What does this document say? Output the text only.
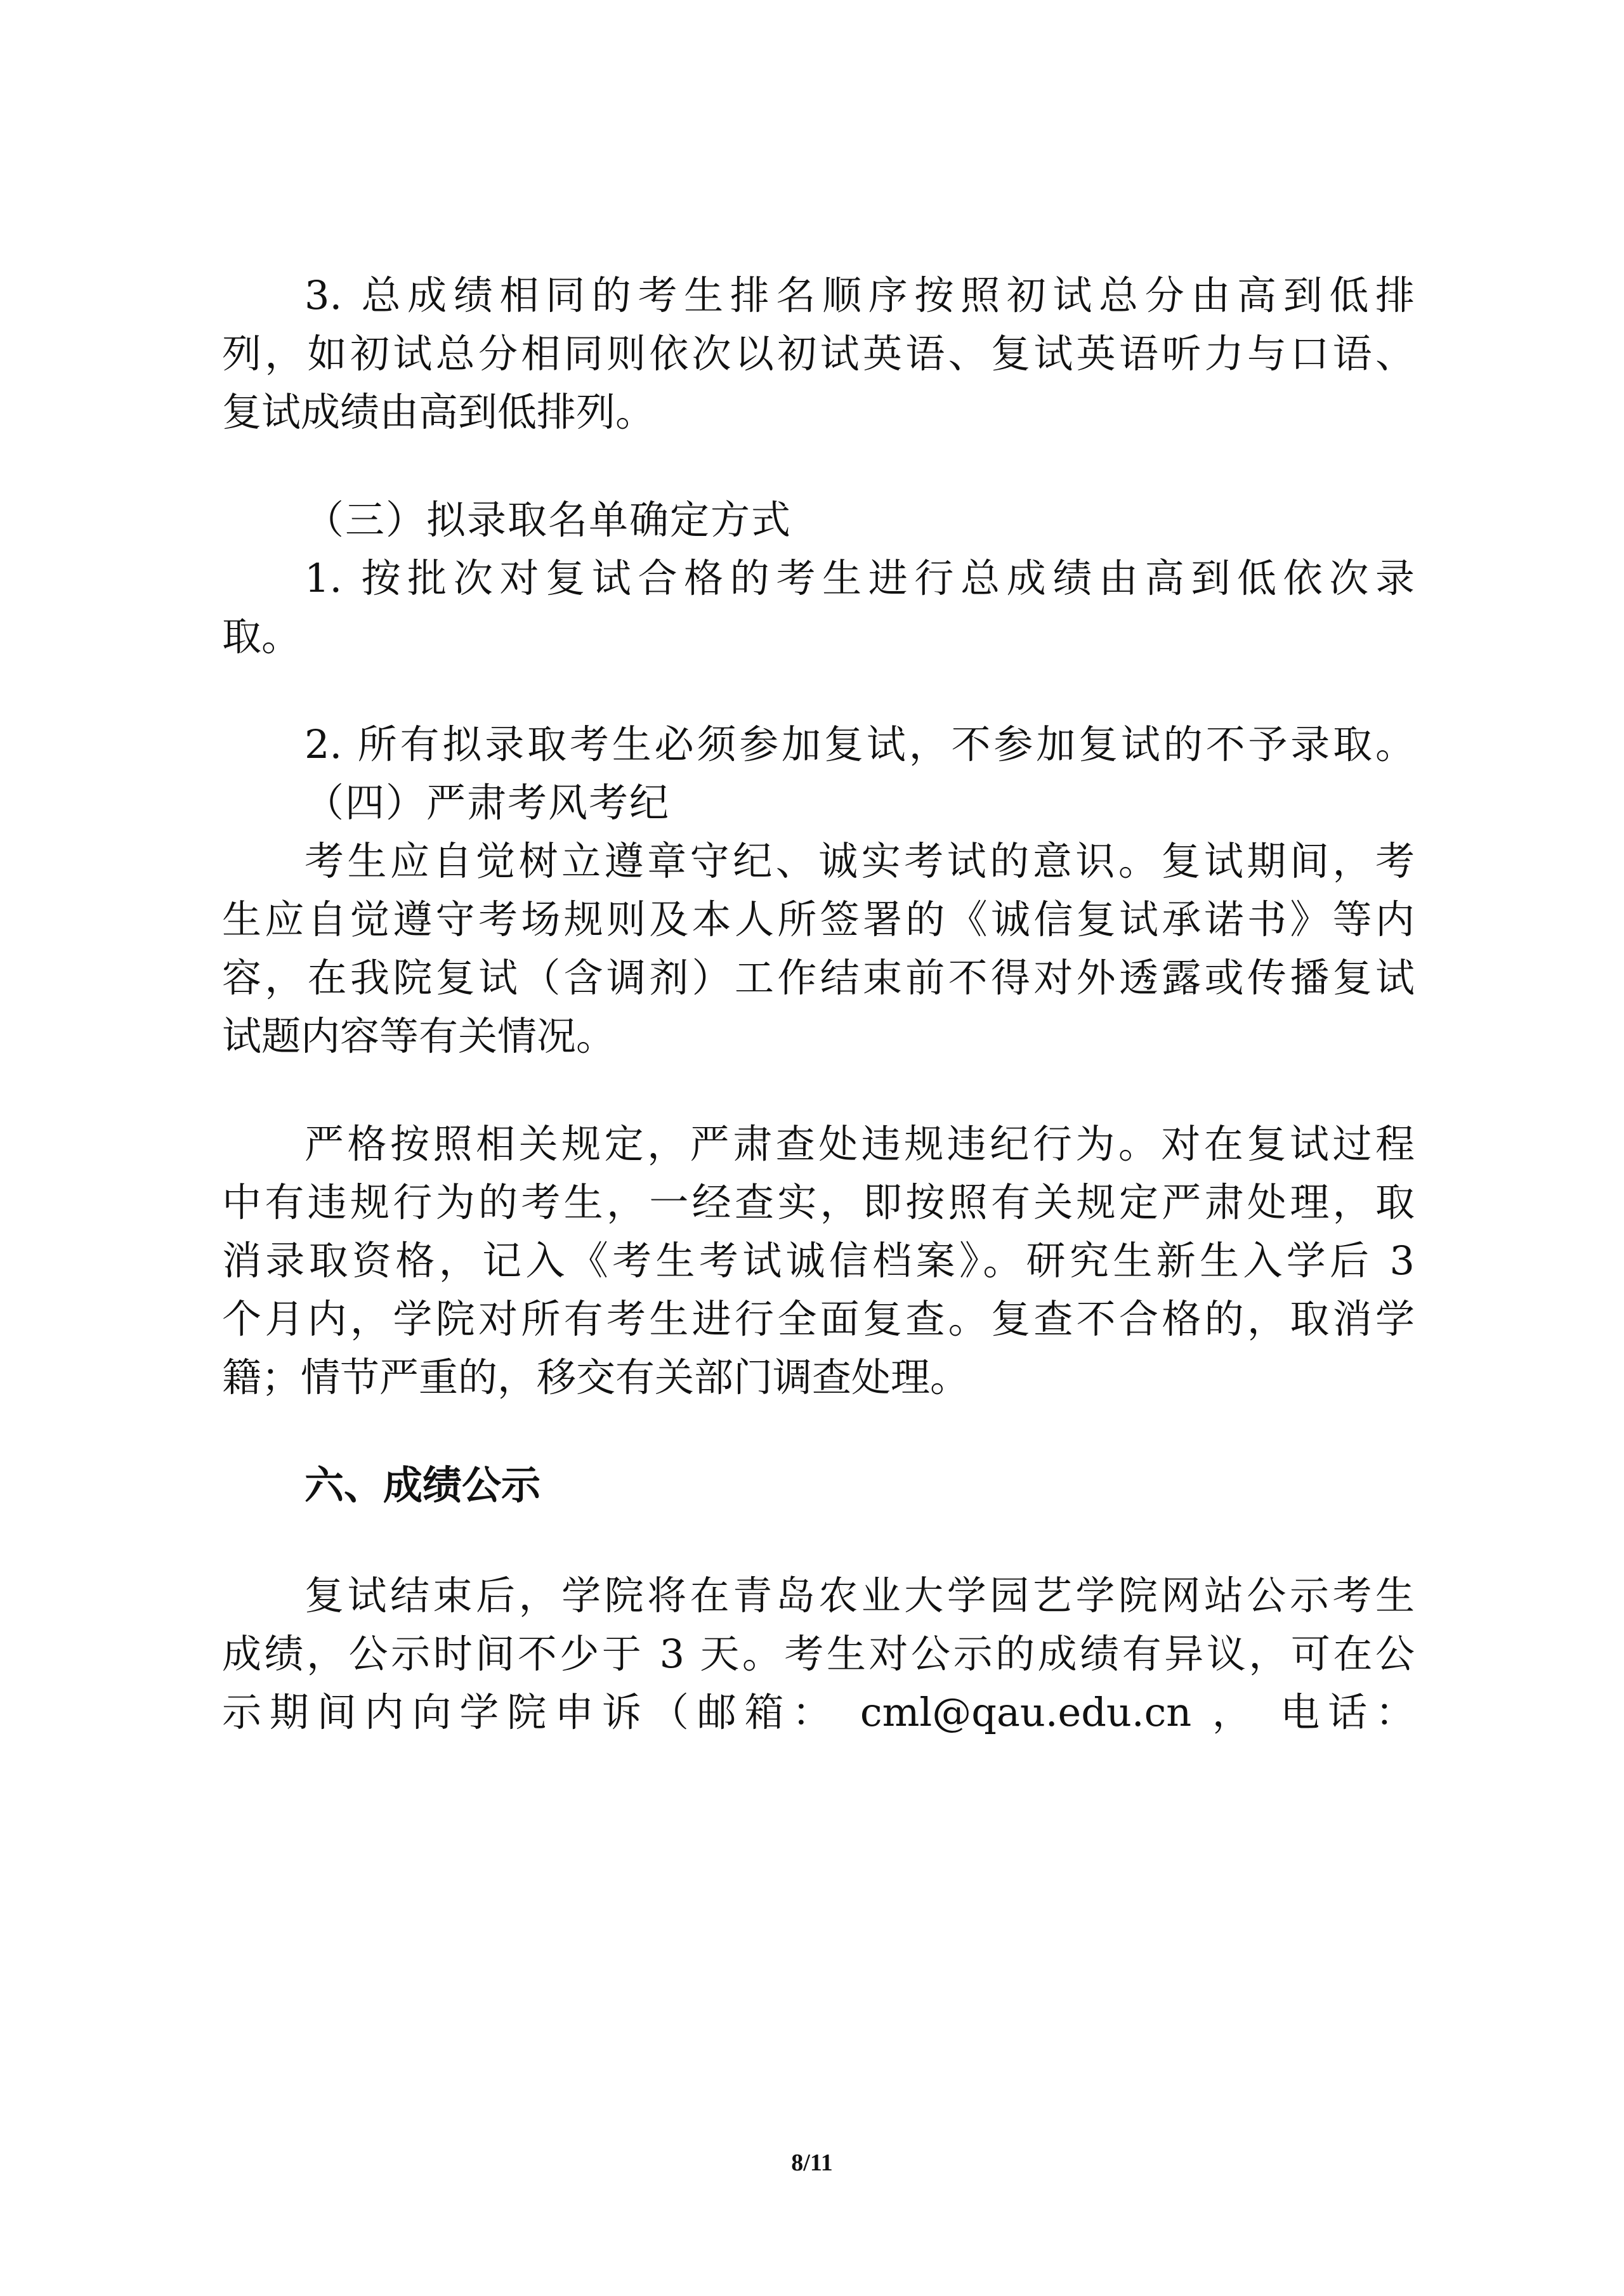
3. 总成绩相同的考生排名顺序按照初试总分由高到低排
列，如初试总分相同则依次以初试英语、复试英语听力与口语、
复试成绩由高到低排列。
（三）拟录取名单确定方式
1. 按批次对复试合格的考生进行总成绩由高到低依次录
取。
2. 所有拟录取考生必须参加复试，不参加复试的不予录取。
（四）严肃考风考纪
考生应自觉树立遵章守纪、诚实考试的意识。复试期间，考
生应自觉遵守考场规则及本人所签署的《诚信复试承诺书》等内
容，在我院复试（含调剂）工作结束前不得对外透露或传播复试
试题内容等有关情况。
严格按照相关规定，严肃查处违规违纪行为。对在复试过程
中有违规行为的考生，一经查实，即按照有关规定严肃处理，取
消录取资格，记入《考生考试诚信档案》。研究生新生入学后 3
个月内，学院对所有考生进行全面复查。复查不合格的，取消学
籍；情节严重的，移交有关部门调查处理。
六、成绩公示
复试结束后，学院将在青岛农业大学园艺学院网站公示考生
成绩，公示时间不少于 3 天。考生对公示的成绩有异议，可在公
示期间内向学院申诉（邮箱： cml@qau.edu.cn ， 电话：
8/11
